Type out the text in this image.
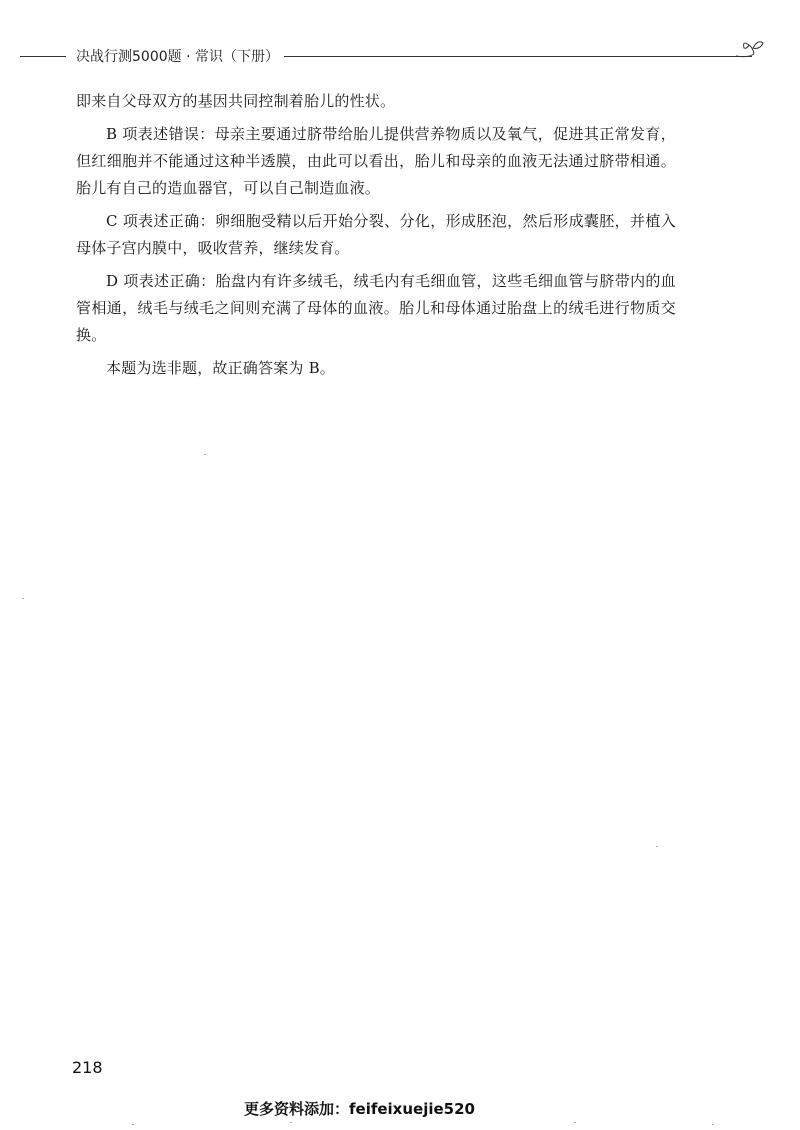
决战行测5000题 · 常识（下册）

即来自父母双方的基因共同控制着胎儿的性状。

B 项表述错误：母亲主要通过脐带给胎儿提供营养物质以及氧气，促进其正常发育，但红细胞并不能通过这种半透膜，由此可以看出，胎儿和母亲的血液无法通过脐带相通。胎儿有自己的造血器官，可以自己制造血液。

C 项表述正确：卵细胞受精以后开始分裂、分化，形成胚泡，然后形成囊胚，并植入母体子宫内膜中，吸收营养，继续发育。

D 项表述正确：胎盘内有许多绒毛，绒毛内有毛细血管，这些毛细血管与脐带内的血管相通，绒毛与绒毛之间则充满了母体的血液。胎儿和母体通过胎盘上的绒毛进行物质交换。

本题为选非题，故正确答案为 B。

218
更多资料添加：feifeixuejie520
